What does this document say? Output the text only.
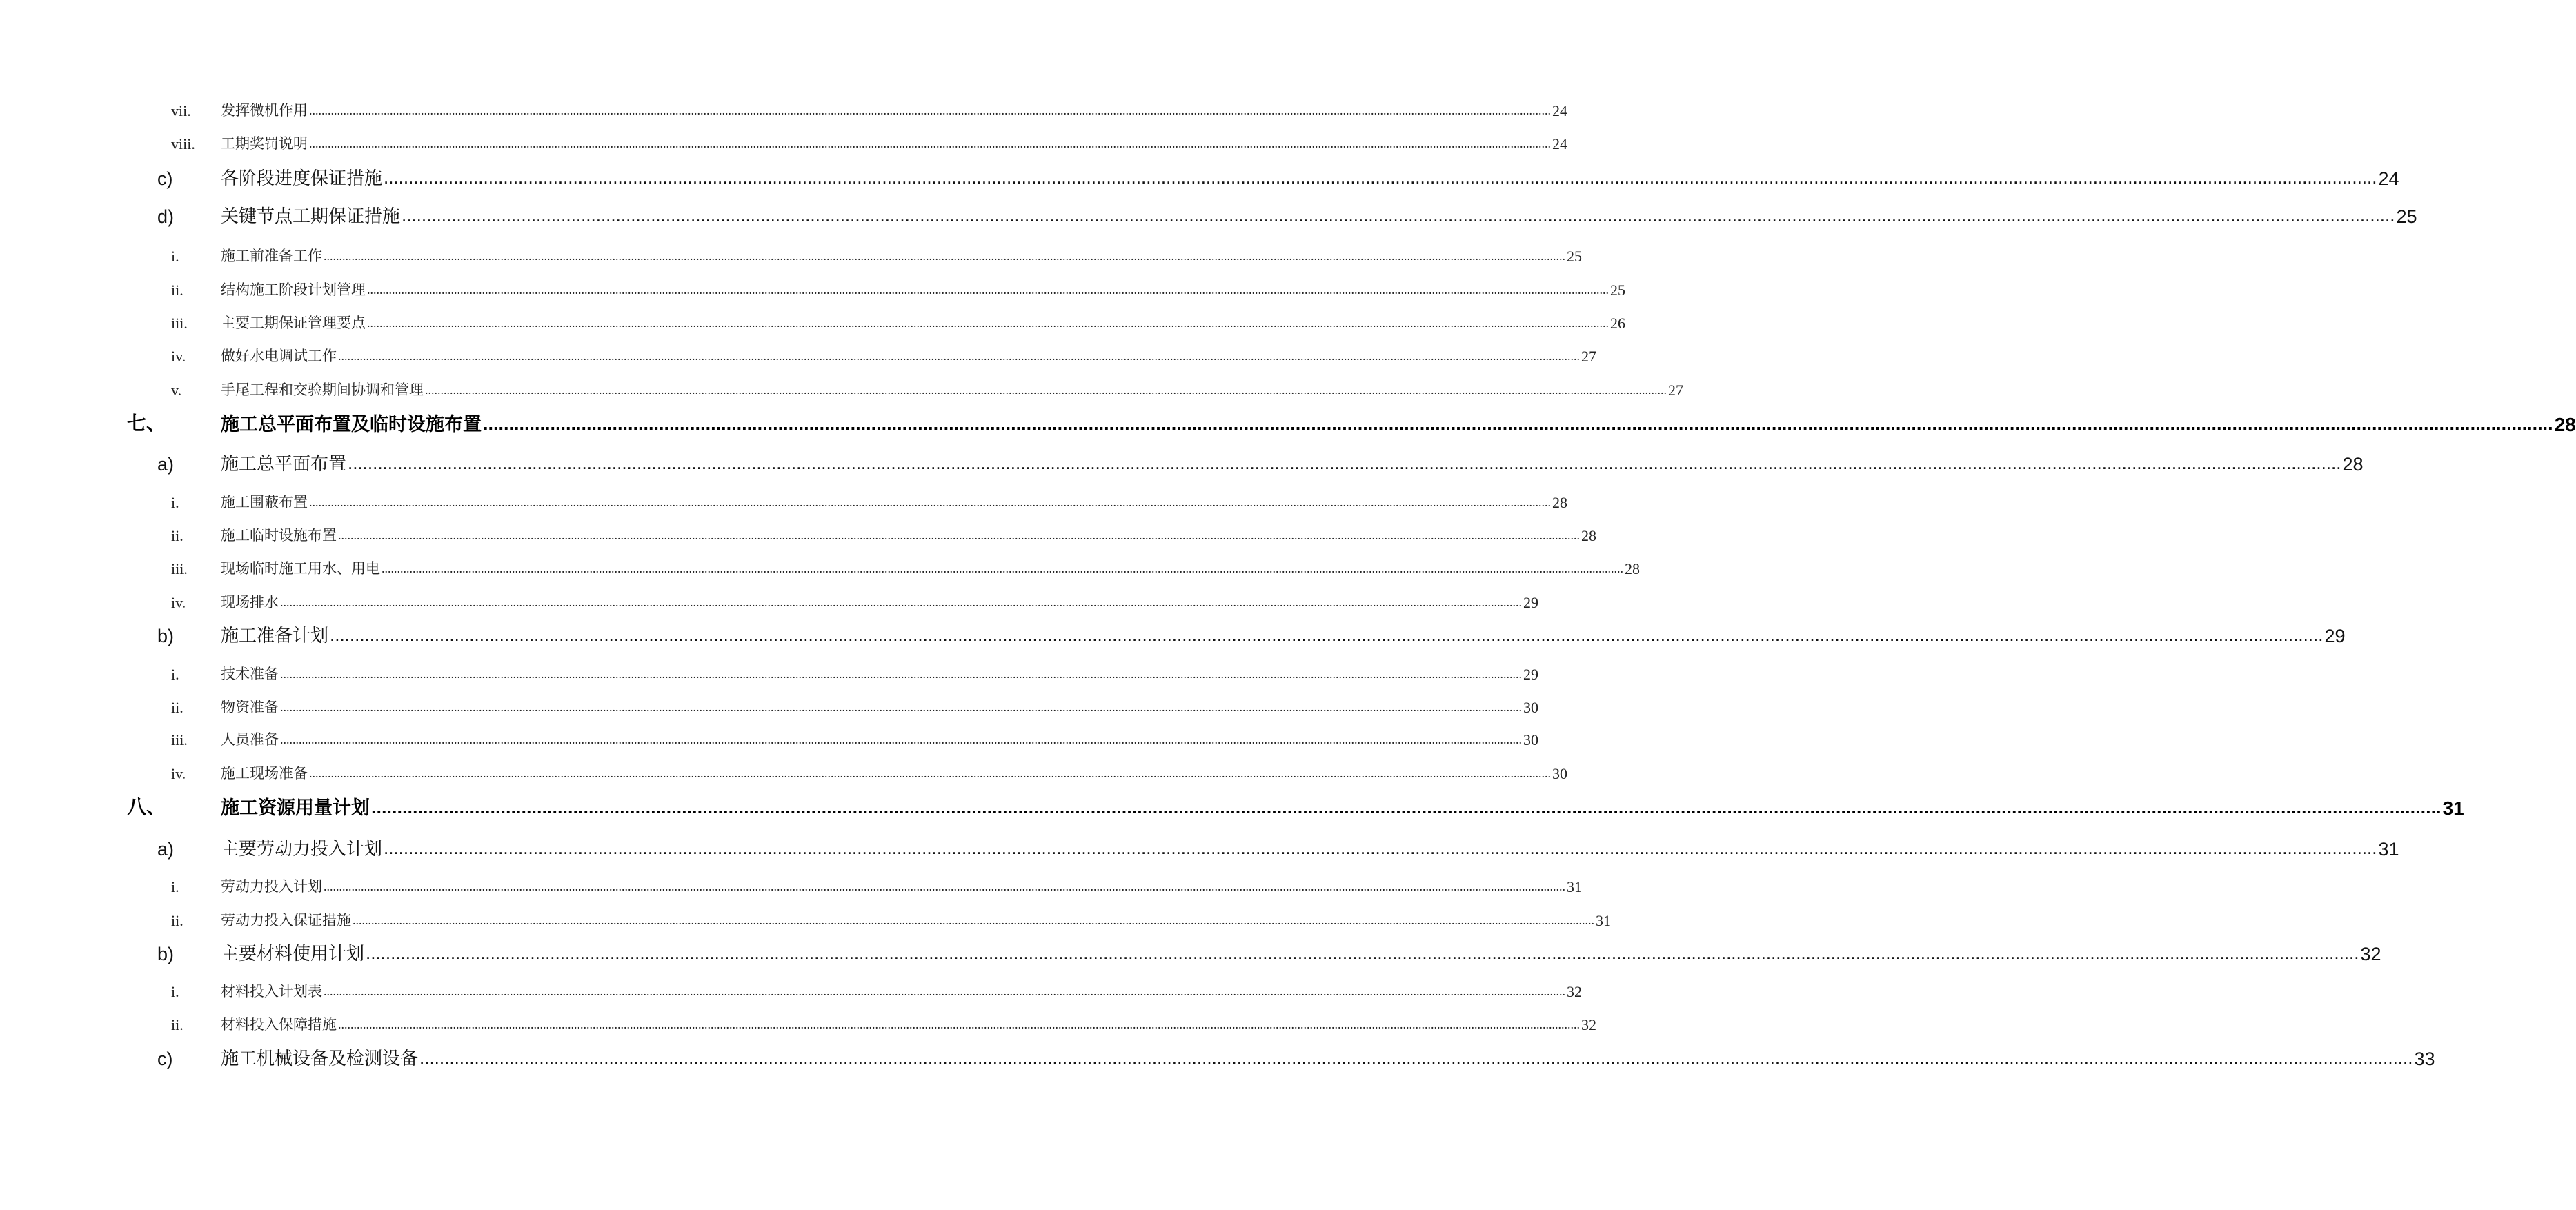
vii. 发挥微机作用 ................................................................................................................................................................................................................................................................................................................................................................................................................ 24
viii. 工期奖罚说明 ................................................................................................................................................................................................................................................................................................................................................................................................................ 24
c)	各阶段进度保证措施 ................................................................................................................................................................................................................................................................................................................................................................................................................ 24
d)	关键节点工期保证措施 ................................................................................................................................................................................................................................................................................................................................................................................................................ 25
i.	施工前准备工作 ................................................................................................................................................................................................................................................................................................................................................................................................................ 25
ii.	结构施工阶段计划管理 ................................................................................................................................................................................................................................................................................................................................................................................................................ 25
iii. 主要工期保证管理要点 ................................................................................................................................................................................................................................................................................................................................................................................................................ 26
iv. 做好水电调试工作 ................................................................................................................................................................................................................................................................................................................................................................................................................ 27
v.	手尾工程和交验期间协调和管理 ................................................................................................................................................................................................................................................................................................................................................................................................................ 27
七、	施工总平面布置及临时设施布置 ................................................................................................................................................................................................................................................................................................................................................................................................................ 28
a)	施工总平面布置 ................................................................................................................................................................................................................................................................................................................................................................................................................ 28
i.	施工围蔽布置 ................................................................................................................................................................................................................................................................................................................................................................................................................ 28
ii.	施工临时设施布置 ................................................................................................................................................................................................................................................................................................................................................................................................................ 28
iii. 现场临时施工用水、用电 ................................................................................................................................................................................................................................................................................................................................................................................................................ 28
iv. 现场排水 ................................................................................................................................................................................................................................................................................................................................................................................................................ 29
b)	施工准备计划 ................................................................................................................................................................................................................................................................................................................................................................................................................ 29
i.	技术准备 ................................................................................................................................................................................................................................................................................................................................................................................................................ 29
ii.	物资准备 ................................................................................................................................................................................................................................................................................................................................................................................................................ 30
iii. 人员准备 ................................................................................................................................................................................................................................................................................................................................................................................................................ 30
iv. 施工现场准备 ................................................................................................................................................................................................................................................................................................................................................................................................................ 30
八、	施工资源用量计划 ................................................................................................................................................................................................................................................................................................................................................................................................................ 31
a)	主要劳动力投入计划 ................................................................................................................................................................................................................................................................................................................................................................................................................ 31
i.	劳动力投入计划 ................................................................................................................................................................................................................................................................................................................................................................................................................ 31
ii.	劳动力投入保证措施 ................................................................................................................................................................................................................................................................................................................................................................................................................ 31
b)	主要材料使用计划 ................................................................................................................................................................................................................................................................................................................................................................................................................ 32
i.	材料投入计划表 ................................................................................................................................................................................................................................................................................................................................................................................................................ 32
ii.	材料投入保障措施 ................................................................................................................................................................................................................................................................................................................................................................................................................ 32
c)	施工机械设备及检测设备 ................................................................................................................................................................................................................................................................................................................................................................................................................ 33
